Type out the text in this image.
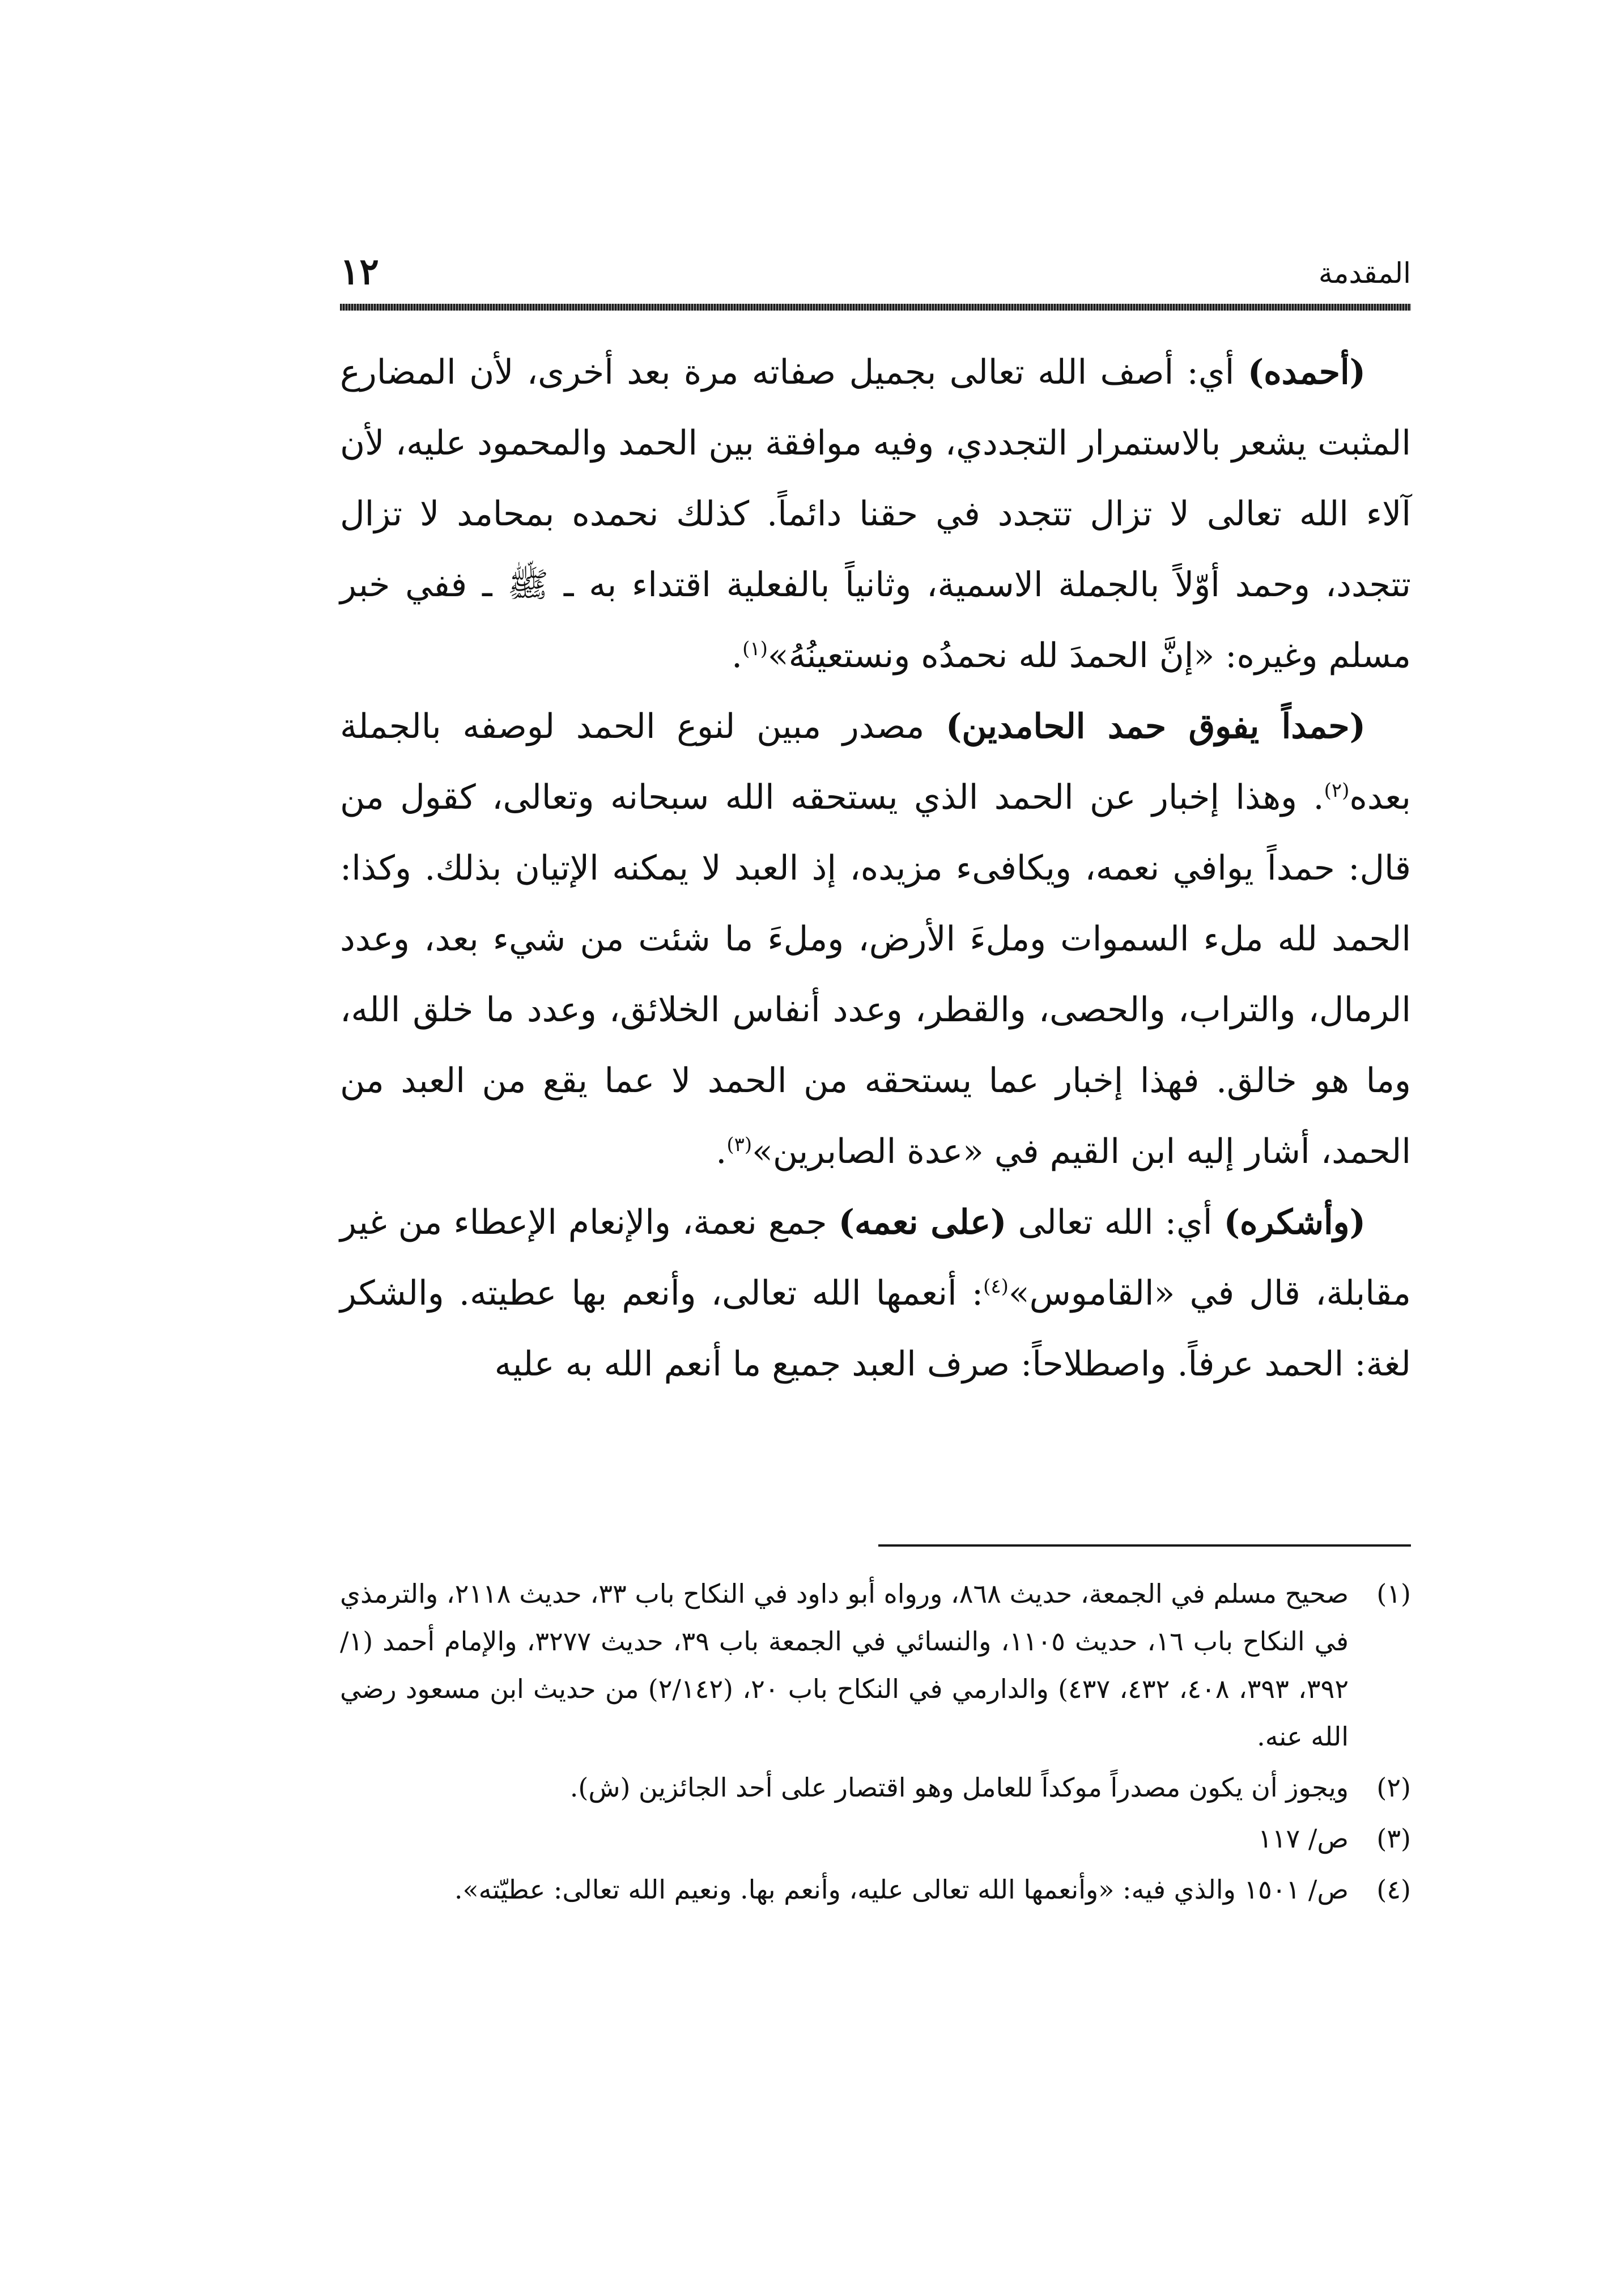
١٢	المقدمة

(أحمده) أي: أصف الله تعالى بجميل صفاته مرة بعد أخرى، لأن المضارع المثبت يشعر بالاستمرار التجددي، وفيه موافقة بين الحمد والمحمود عليه، لأن آلاء الله تعالى لا تزال تتجدد في حقنا دائماً. كذلك نحمده بمحامد لا تزال تتجدد، وحمد أوّلاً بالجملة الاسمية، وثانياً بالفعلية اقتداء به ـ ﷺ ـ ففي خبر مسلم وغيره: «إنَّ الحمدَ لله نحمدُه ونستعينُهُ»$^{(١)}$.

(حمداً يفوق حمد الحامدين) مصدر مبين لنوع الحمد لوصفه بالجملة بعده$^{(٢)}$. وهذا إخبار عن الحمد الذي يستحقه الله سبحانه وتعالى، كقول من قال: حمداً يوافي نعمه، ويكافىء مزيده، إذ العبد لا يمكنه الإتيان بذلك. وكذا: الحمد لله ملء السموات وملءَ الأرض، وملءَ ما شئت من شيء بعد، وعدد الرمال، والتراب، والحصى، والقطر، وعدد أنفاس الخلائق، وعدد ما خلق الله، وما هو خالق. فهذا إخبار عما يستحقه من الحمد لا عما يقع من العبد من الحمد، أشار إليه ابن القيم في «عدة الصابرين»$^{(٣)}$.

(وأشكره) أي: الله تعالى (على نعمه) جمع نعمة، والإنعام الإعطاء من غير مقابلة، قال في «القاموس»$^{(٤)}$: أنعمها الله تعالى، وأنعم بها عطيته. والشكر لغة: الحمد عرفاً. واصطلاحاً: صرف العبد جميع ما أنعم الله به عليه

(١)
صحيح مسلم في الجمعة، حديث ٨٦٨، ورواه أبو داود في النكاح باب ٣٣، حديث ٢١١٨، والترمذي في النكاح باب ١٦، حديث ١١٠٥، والنسائي في الجمعة باب ٣٩، حديث ٣٢٧٧، والإمام أحمد (١/ ٣٩٢، ٣٩٣، ٤٠٨، ٤٣٢، ٤٣٧) والدارمي في النكاح باب ٢٠، (٢/١٤٢) من حديث ابن مسعود رضي الله عنه.
(٢)
ويجوز أن يكون مصدراً موكداً للعامل وهو اقتصار على أحد الجائزين (ش).
(٣)
ص/ ١١٧
(٤)
ص/ ١٥٠١ والذي فيه: «وأنعمها الله تعالى عليه، وأنعم بها. ونعيم الله تعالى: عطيّته».
